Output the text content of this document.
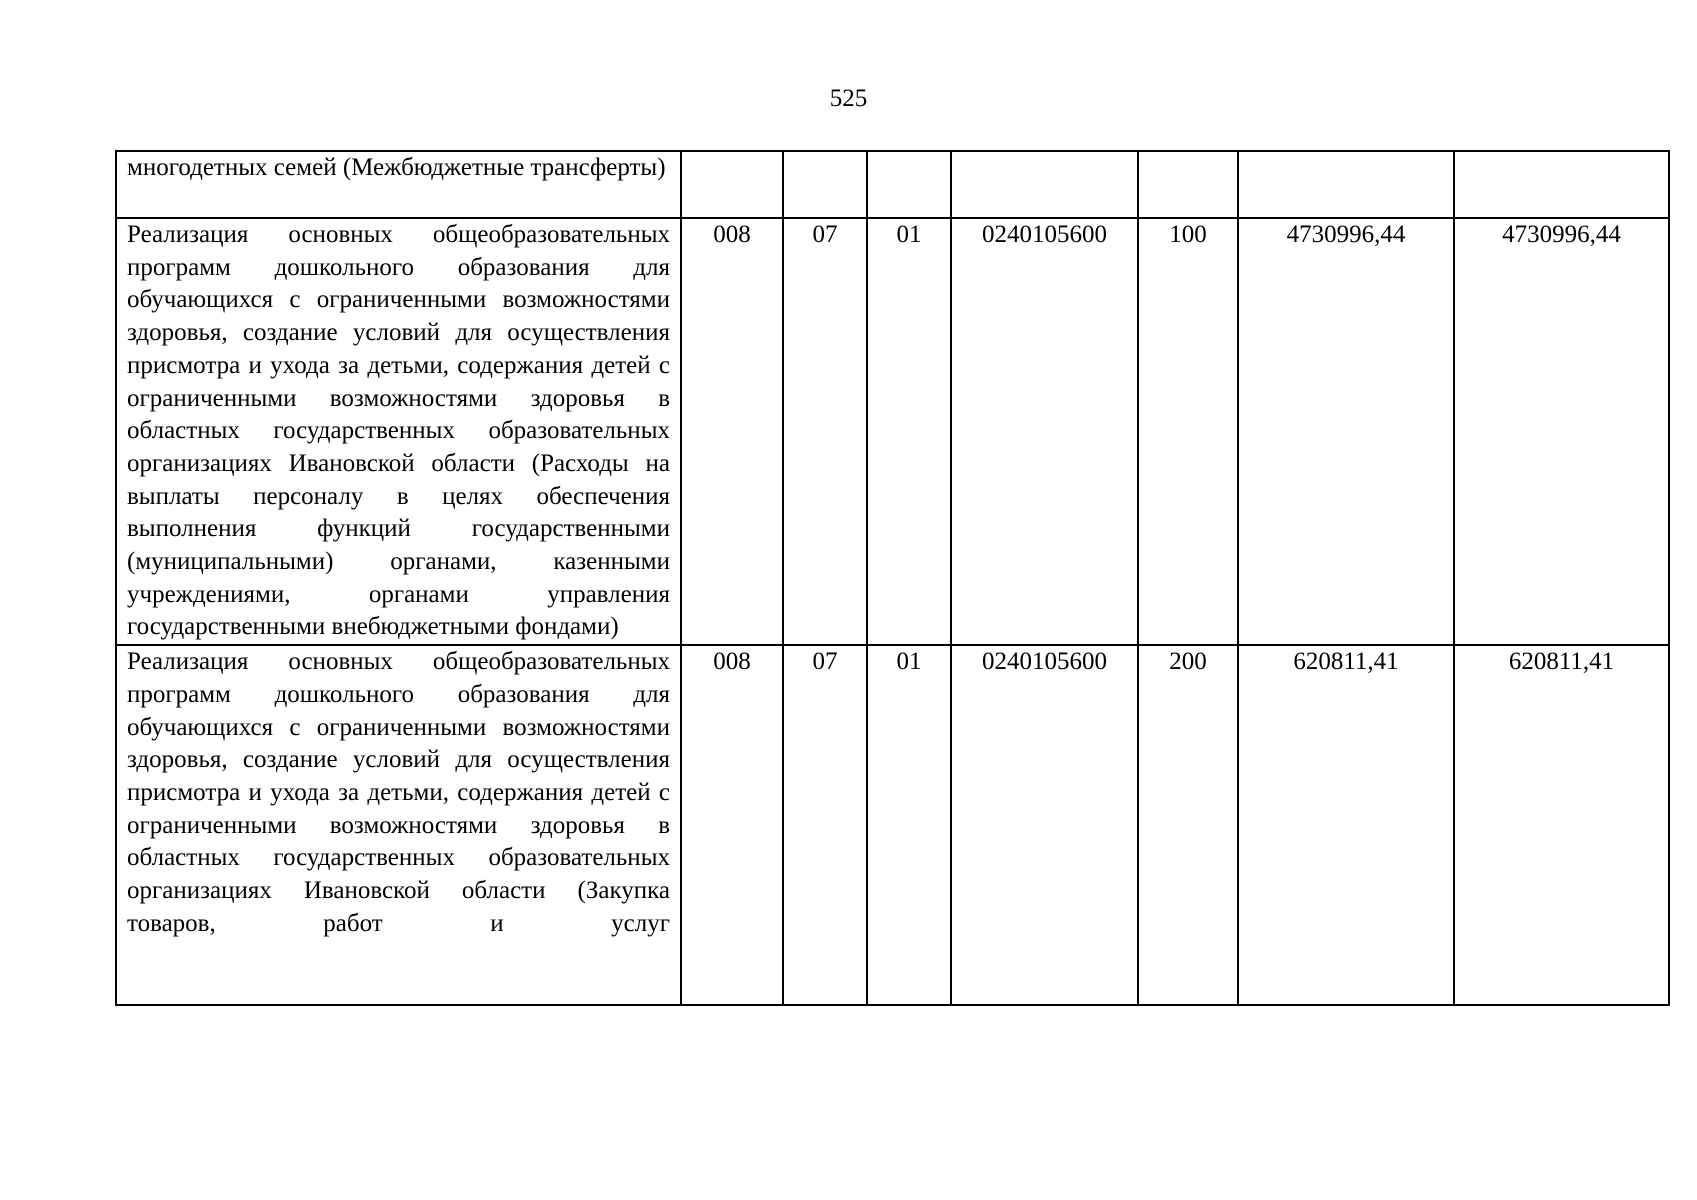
525
многодетных семей (Межбюджетные трансферты)							
Реализация основных общеобразовательных программ дошкольного образования для обучающихся с ограниченными возможностями здоровья, создание условий для осуществления присмотра и ухода за детьми, содержания детей с ограниченными возможностями здоровья в областных государственных образовательных организациях Ивановской области (Расходы на выплаты персоналу в целях обеспечения выполнения функций государственными (муниципальными) органами, казенными учреждениями, органами управления государственными внебюджетными фондами)	008	07	01	0240105600	100	4730996,44	4730996,44
Реализация основных общеобразовательных программ дошкольного образования для обучающихся с ограниченными возможностями здоровья, создание условий для осуществления присмотра и ухода за детьми, содержания детей с ограниченными возможностями здоровья в областных государственных образовательных организациях Ивановской области (Закупка товаров, работ и услуг	008	07	01	0240105600	200	620811,41	620811,41
